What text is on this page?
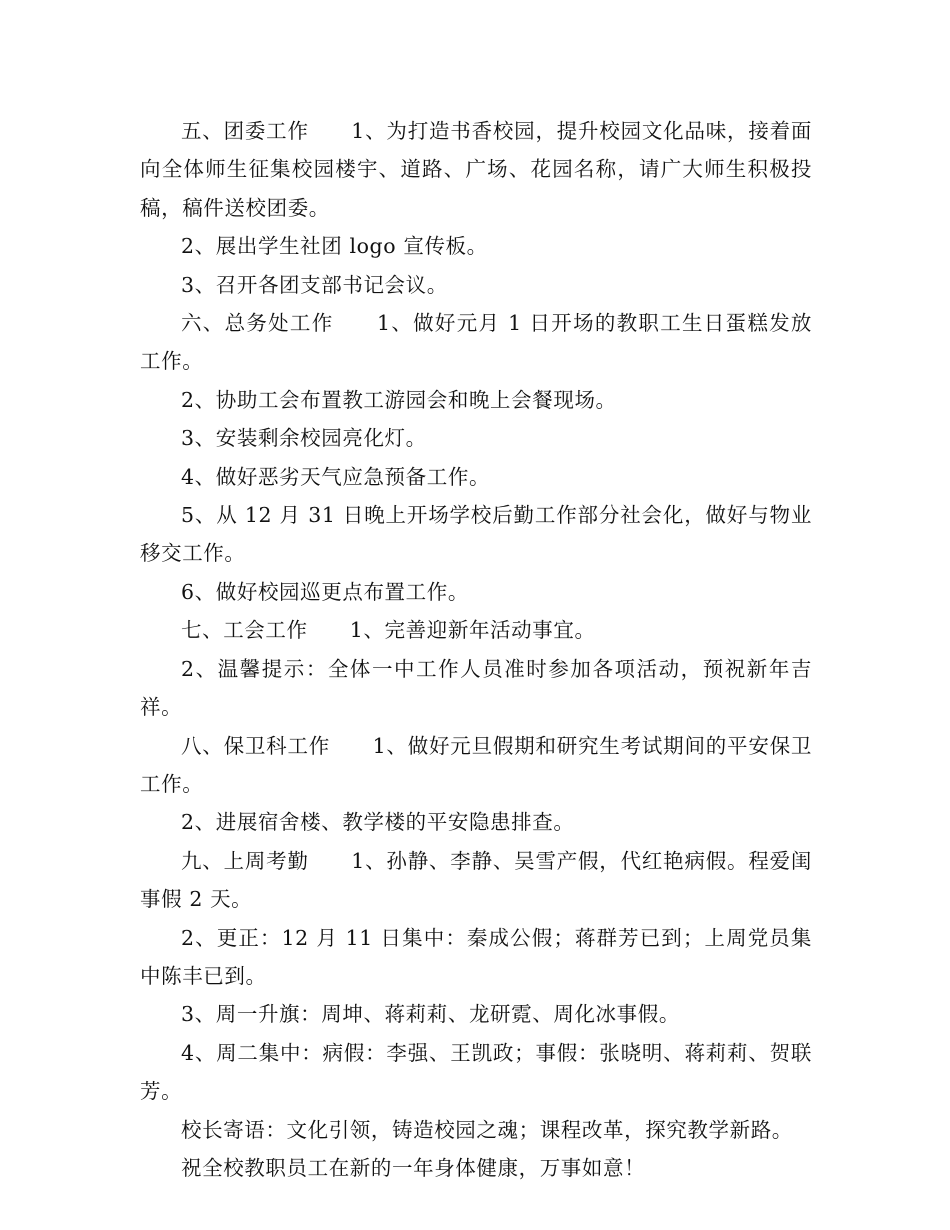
五、团委工作　　1、为打造书香校园，提升校园文化品味，接着面向全体师生征集校园楼宇、道路、广场、花园名称，请广大师生积极投稿，稿件送校团委。

2、展出学生社团 logo 宣传板。

3、召开各团支部书记会议。

六、总务处工作　　1、做好元月 1 日开场的教职工生日蛋糕发放工作。

2、协助工会布置教工游园会和晚上会餐现场。

3、安装剩余校园亮化灯。

4、做好恶劣天气应急预备工作。

5、从 12 月 31 日晚上开场学校后勤工作部分社会化，做好与物业移交工作。

6、做好校园巡更点布置工作。

七、工会工作　　1、完善迎新年活动事宜。

2、温馨提示：全体一中工作人员准时参加各项活动，预祝新年吉祥。

八、保卫科工作　　1、做好元旦假期和研究生考试期间的平安保卫工作。

2、进展宿舍楼、教学楼的平安隐患排查。

九、上周考勤　　1、孙静、李静、吴雪产假，代红艳病假。程爱闺事假 2 天。

2、更正：12 月 11 日集中：秦成公假；蒋群芳已到；上周党员集中陈丰已到。

3、周一升旗：周坤、蒋莉莉、龙研霓、周化冰事假。

4、周二集中：病假：李强、王凯政；事假：张晓明、蒋莉莉、贺联芳。

校长寄语：文化引领，铸造校园之魂；课程改革，探究教学新路。

祝全校教职员工在新的一年身体健康，万事如意！
